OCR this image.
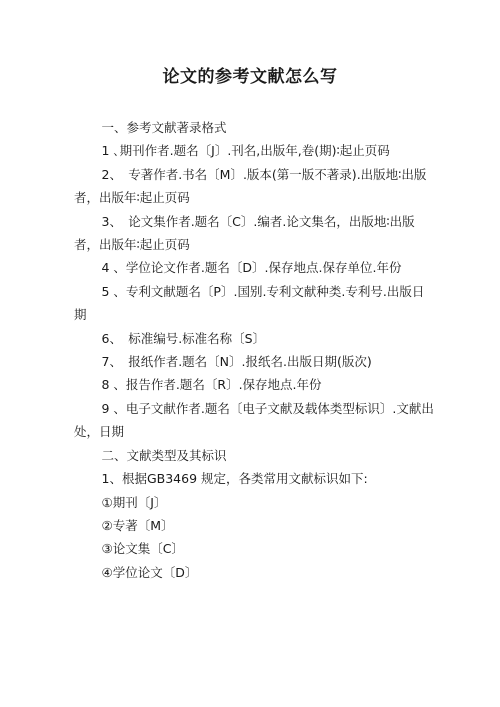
论文的参考文献怎么写

一、参考文献著录格式

1 ､期刊作者.题名〔J〕.刊名,出版年,卷(期)∶起止页码

2、　专著作者.书名〔M〕.版本(第一版不著录).出版地∶出版者，出版年∶起止页码

3、　论文集作者.题名〔C〕.编者.论文集名，出版地∶出版者，出版年∶起止页码

4 、学位论文作者.题名〔D〕.保存地点.保存单位.年份

5 、专利文献题名〔P〕.国别.专利文献种类.专利号.出版日期

6、　标准编号.标准名称〔S〕

7、　报纸作者.题名〔N〕.报纸名.出版日期(版次)

8 、报告作者.题名〔R〕.保存地点.年份

9 、电子文献作者.题名〔电子文献及载体类型标识〕.文献出处，日期

二、文献类型及其标识

1、根据GB3469 规定，各类常用文献标识如下:

①期刊〔J〕

②专著〔M〕

③论文集〔C〕

④学位论文〔D〕
